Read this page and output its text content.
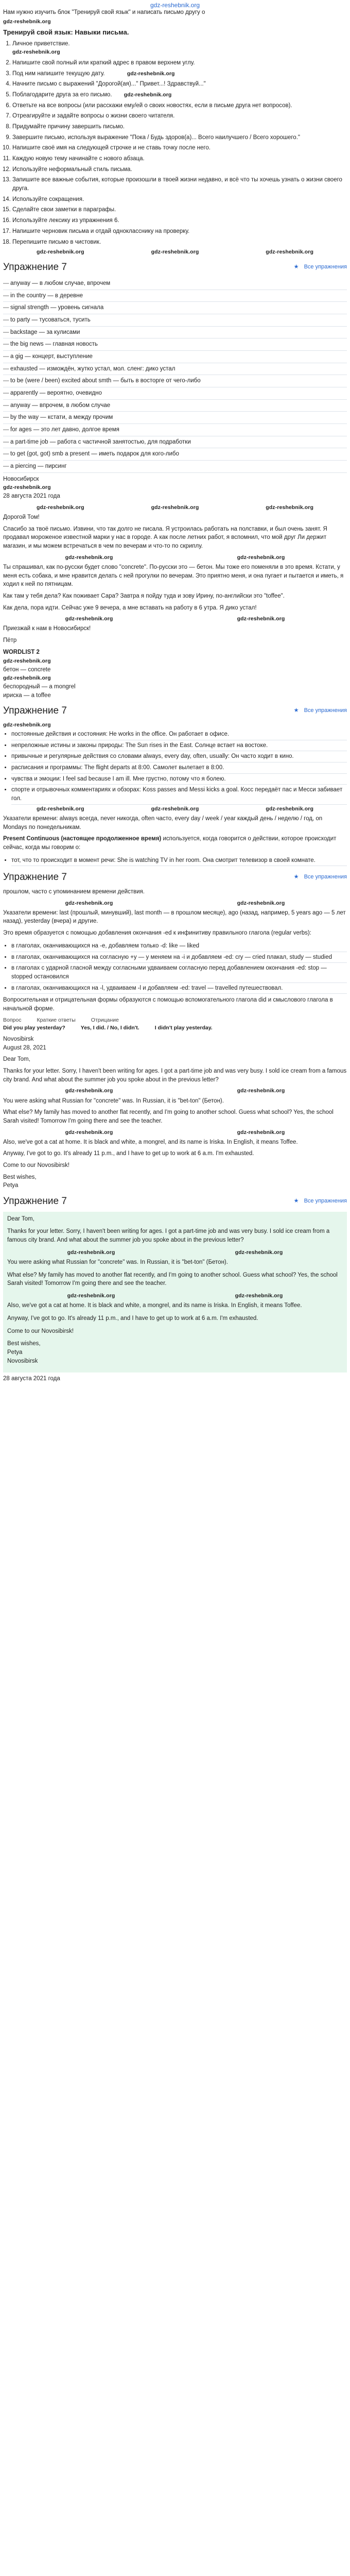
gdz-reshebnik.org

Нам нужно изучить блок "Тренируй свой язык" и написать письмо другу о

gdz-reshebnik.org
Тренируй свой язык: Навыки письма.
1. Личное приветствие.
gdz-reshebnik.org
2. Напишите свой полный или краткий адрес в правом верхнем углу.
3. Под ним напишите текущую дату.	gdz-reshebnik.org
4. Начните письмо с выражений "Дорогой(ая)..." Привет...! Здравствуй..."
5. Поблагодарите друга за его письмо. gdz-reshebnik.org
6. Ответьте на все вопросы (или расскажи ему/ей о своих новостях, если в письме друга нет вопросов).
7. Отреагируйте и задайте вопросы о жизни своего читателя.
8. Придумайте причину завершить письмо.
9. Завершите письмо, используя выражение "Пока / Будь здоров(а)... Всего наилучшего / Всего хорошего."
10. Напишите своё имя на следующей строчке и не ставь точку после него.
11. Каждую новую тему начинайте с нового абзаца.
12. Используйте неформальный стиль письма.
13. Запишите все важные события, которые произошли в твоей жизни недавно, и всё что ты хочешь узнать о жизни своего друга.
14. Используйте сокращения.
15. Сделайте свои заметки в параграфы.
16. Используйте лексику из упражнения 6.
17. Напишите черновик письма и отдай однокласснику на проверку.
18. Перепишите письмо в чистовик.
gdz-reshebnik.org	gdz-reshebnik.org	gdz-reshebnik.org
Упражнение 7	★ Все упражнения
— anyway — в любом случае, впрочем
— in the country — в деревне
— signal strength — уровень сигнала
— to party — тусоваться, тусить
— backstage — за кулисами
— the big news — главная новость
— a gig — концерт, выступление
— exhausted — измождён, жутко устал, мол. сленг: дико устал
— to be (were / been) excited about smth — быть в восторге от чего-либо
— apparently — вероятно, очевидно
— anyway — впрочем, в любом случае
— by the way — кстати, а между прочим
— for ages — это лет давно, долгое время
— a part-time job — работа с частичной занятостью, для подработки
— to get (got, got) smb a present — иметь подарок для кого-либо
— a piercing — пирсинг

Новосибирск
gdz-reshebnik.org
28 августа 2021 года

gdz-reshebnik.org	gdz-reshebnik.org	gdz-reshebnik.org

Дорогой Том!

Спасибо за твоё письмо. Извини, что так долго не писала. Я устроилась работать на полставки, и был очень занят. Я продавал мороженое известной марки у нас в городе. А как после летних работ, я вспомнил, что мой друг Ли держит магазин, и мы можем встречаться в чем по вечерам и что-то по скриплу.

gdz-reshebnik.org	gdz-reshebnik.org

Ты спрашивал, как по-русски будет слово "concrete". По-русски это — бетон. Мы тоже его поменяли в это время. Кстати, у меня есть собака, и мне нравится делать с ней прогулки по вечерам. Это приятно меня, и она пугает и пытается и иметь, я ходил к ней по пятницам.

Как там у тебя дела? Как поживает Сара? Завтра я пойду туда и зову Ирину, по-английски это "toffee".

Как дела, пора идти. Сейчас уже 9 вечера, а мне вставать на работу в 6 утра. Я дико устал!

gdz-reshebnik.org	gdz-reshebnik.org

Приезжай к нам в Новосибирск!

Пётр

WORDLIST 2

gdz-reshebnik.org

бетон — concrete
gdz-reshebnik.org
беспородный — a mongrel
ириска — a toffee

Упражнение 7	★ Все упражнения
gdz-reshebnik.org
• постоянные действия и состояния: He works in the office. Он работает в офисе.
• непреложные истины и законы природы: The Sun rises in the East. Солнце встает на востоке.
• привычные и регулярные действия со словами always, every day, often, usually: Он часто ходит в кино.
• расписания и программы: The flight departs at 8:00. Самолет вылетает в 8:00.
• чувства и эмоции: I feel sad because I am ill. Мне грустно, потому что я болею.
• спорте и отрывочных комментариях и обзорах: Koss passes and Messi kicks a goal. Косс передаёт пас и Месси забивает гол.
gdz-reshebnik.org	gdz-reshebnik.org	gdz-reshebnik.org

Указатели времени: always всегда, never никогда, often часто, every day / week / year каждый день / неделю / год, on Mondays по понедельникам.

Present Continuous (настоящее продолженное время) используется, когда говорится о действии, которое происходит сейчас, когда мы говорим о:

• тот, что то происходит в момент речи: She is watching TV in her room. Она смотрит телевизор в своей комнате.
Упражнение 7	★ Все упражнения

прошлом, часто с упоминанием времени действия.

gdz-reshebnik.org	gdz-reshebnik.org

Указатели времени: last (прошлый, минувший), last month — в прошлом месяце), ago (назад, например, 5 years ago — 5 лет назад), yesterday (вчера) и другие.

Это время образуется с помощью добавления окончания -ed к инфинитиву правильного глагола (regular verbs):

• в глаголах, оканчивающихся на -e, добавляем только -d: like — liked
• в глаголах, оканчивающихся на согласную +y — y меняем на -i и добавляем -ed: cry — cried плакал, study — studied
• в глаголах с ударной гласной между согласными удваиваем согласную перед добавлением окончания -ed: stop — stopped остановился
• в глаголах, оканчивающихся на -l, удваиваем -l и добавляем -ed: travel — travelled путешествовал.

Вопросительная и отрицательная формы образуются с помощью вспомогательного глагола did и смыслового глагола в начальной форме.

Вопрос	Краткие ответы	Отрицание
Did you play yesterday?	Yes, I did. / No, I didn't.	I didn't play yesterday.

Novosibirsk
August 28, 2021

Dear Tom,

Thanks for your letter. Sorry, I haven't been writing for ages. I got a part-time job and was very busy. I sold ice cream from a famous city brand. And what about the summer job you spoke about in the previous letter?

gdz-reshebnik.org	gdz-reshebnik.org

You were asking what Russian for "concrete" was. In Russian, it is "bet-ton" (Бетон).

What else? My family has moved to another flat recently, and I'm going to another school. Guess what school? Yes, the school Sarah visited! Tomorrow I'm going there and see the teacher.

gdz-reshebnik.org	gdz-reshebnik.org

Also, we've got a cat at home. It is black and white, a mongrel, and its name is Iriska. In English, it means Toffee.

Anyway, I've got to go. It's already 11 p.m., and I have to get up to work at 6 a.m. I'm exhausted.

Come to our Novosibirsk!

Best wishes,
Petya

Упражнение 7	★ Все упражнения

Dear Tom,

Thanks for your letter. Sorry, I haven't been writing for ages. I got a part-time job and was very busy. I sold ice cream from a famous city brand. And what about the summer job you spoke about in the previous letter?

gdz-reshebnik.org	gdz-reshebnik.org

You were asking what Russian for "concrete" was. In Russian, it is "bet-ton" (Бетон).

What else? My family has moved to another flat recently, and I'm going to another school. Guess what school? Yes, the school Sarah visited! Tomorrow I'm going there and see the teacher.

gdz-reshebnik.org	gdz-reshebnik.org

Also, we've got a cat at home. It is black and white, a mongrel, and its name is Iriska. In English, it means Toffee.

Anyway, I've got to go. It's already 11 p.m., and I have to get up to work at 6 a.m. I'm exhausted.

Come to our Novosibirsk!

Best wishes,
Petya
Novosibirsk

28 августа 2021 года
